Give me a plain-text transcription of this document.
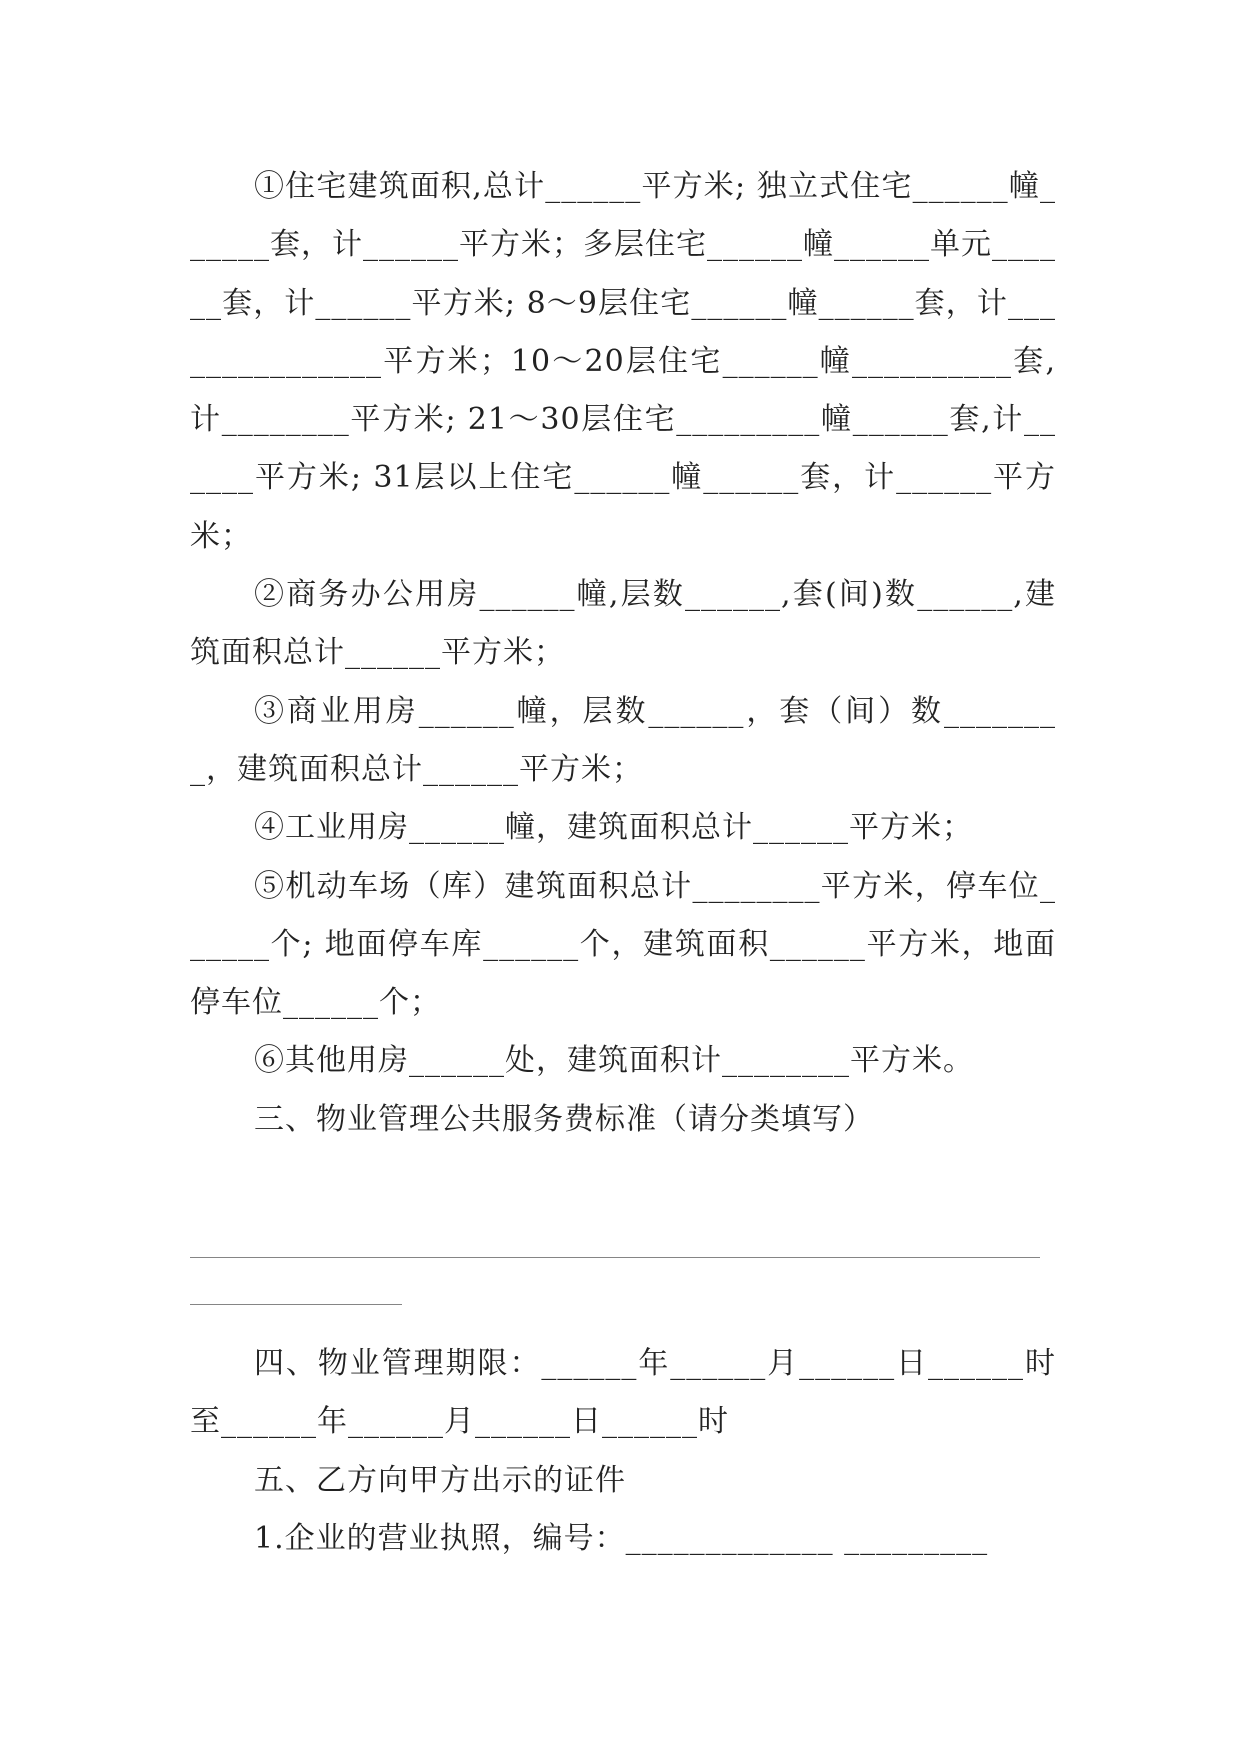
①住宅建筑面积,总计______平方米; 独立式住宅______幢______套，计______平方米；多层住宅______幢______单元______套，计______平方米; 8～9层住宅______幢______套，计_______________平方米；10～20层住宅______幢__________套,计________平方米; 21～30层住宅_________幢______套,计______平方米; 31层以上住宅______幢______套，计______平方米；

②商务办公用房______幢,层数______,套(间)数______,建筑面积总计______平方米；

③商业用房______幢，层数______，套（间）数________，建筑面积总计______平方米；

④工业用房______幢，建筑面积总计______平方米；

⑤机动车场（库）建筑面积总计________平方米，停车位______个; 地面停车库______个，建筑面积______平方米，地面停车位______个；

⑥其他用房______处，建筑面积计________平方米。

三、物业管理公共服务费标准（请分类填写）

四、物业管理期限：______年______月______日______时至______年______月______日______时

五、乙方向甲方出示的证件

1.企业的营业执照，编号：_____________ _________
